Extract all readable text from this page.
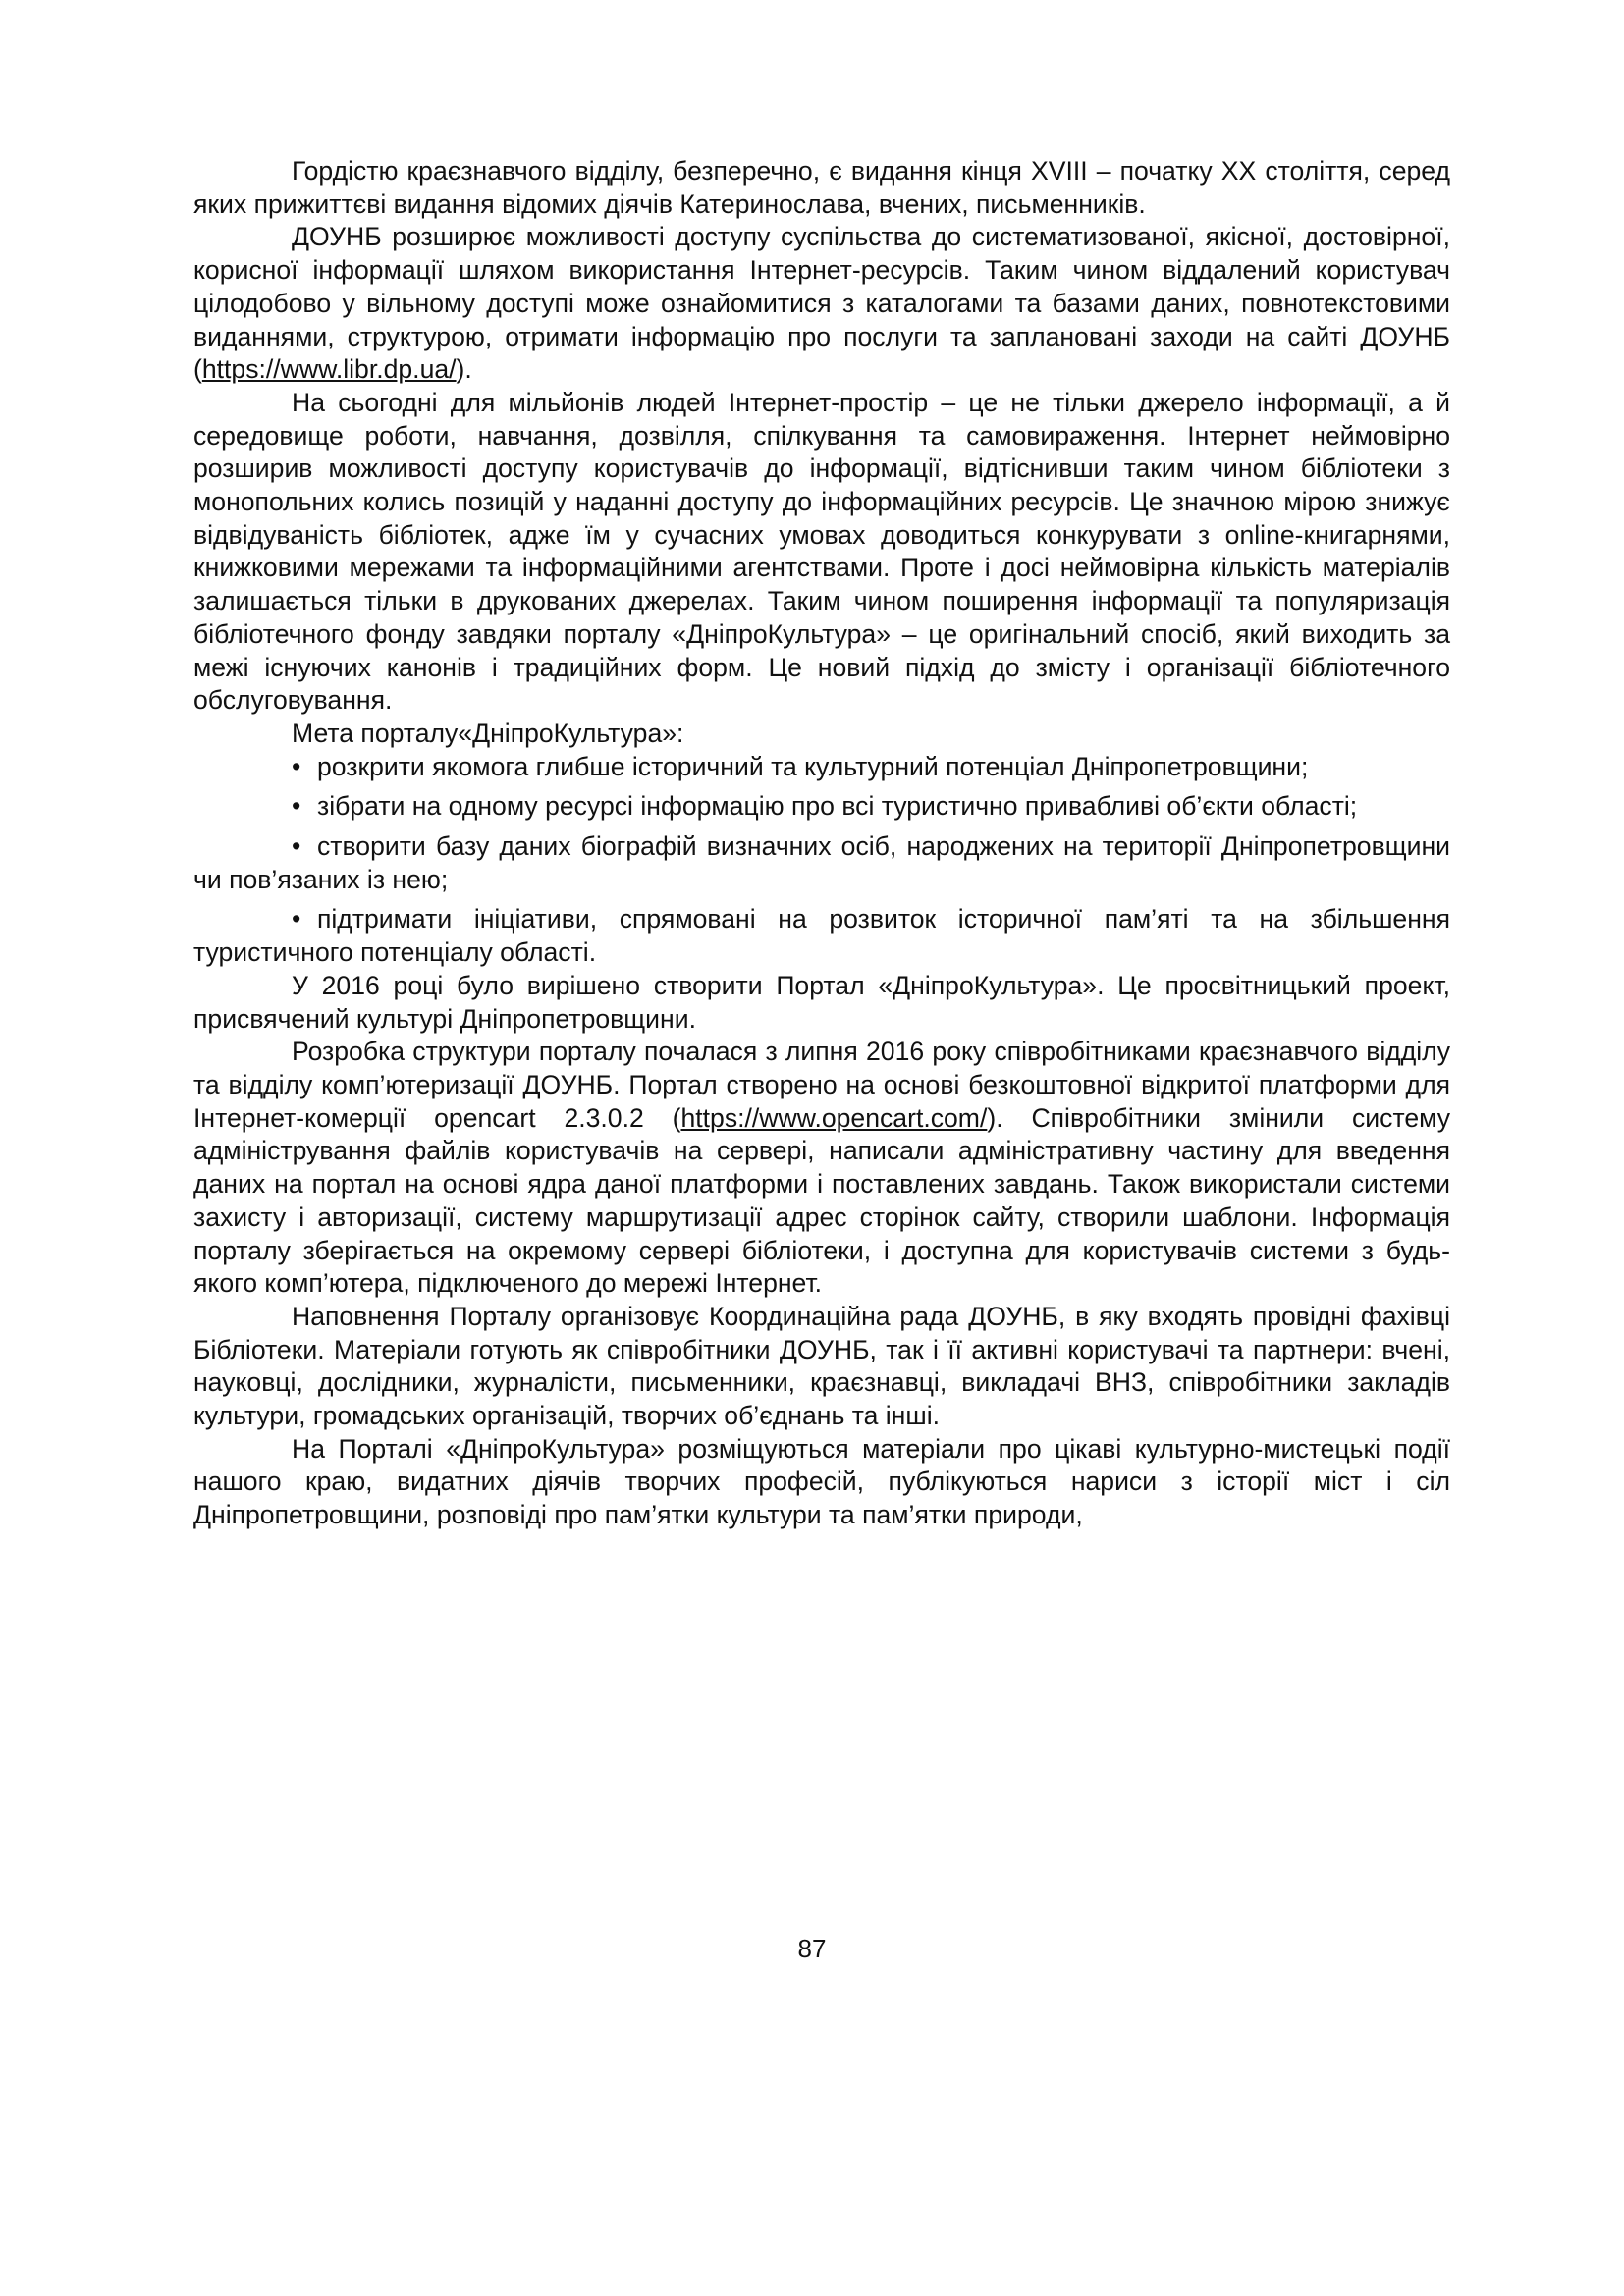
Гордістю краєзнавчого відділу, безперечно, є видання кінця XVIII – початку XX століття, серед яких прижиттєві видання відомих діячів Катеринослава, вчених, письменників.

ДОУНБ розширює можливості доступу суспільства до систематизованої, якісної, достовірної, корисної інформації шляхом використання Інтернет-ресурсів. Таким чином віддалений користувач цілодобово у вільному доступі може ознайомитися з каталогами та базами даних, повнотекстовими виданнями, структурою, отримати інформацію про послуги та заплановані заходи на сайті ДОУНБ (https://www.libr.dp.ua/).

На сьогодні для мільйонів людей Інтернет-простір – це не тільки джерело інформації, а й середовище роботи, навчання, дозвілля, спілкування та самовираження. Інтернет неймовірно розширив можливості доступу користувачів до інформації, відтіснивши таким чином бібліотеки з монопольних колись позицій у наданні доступу до інформаційних ресурсів. Це значною мірою знижує відвідуваність бібліотек, адже їм у сучасних умовах доводиться конкурувати з online-книгарнями, книжковими мережами та інформаційними агентствами. Проте і досі неймовірна кількість матеріалів залишається тільки в друкованих джерелах. Таким чином поширення інформації та популяризація бібліотечного фонду завдяки порталу «ДніпроКультура» – це оригінальний спосіб, який виходить за межі існуючих канонів і традиційних форм. Це новий підхід до змісту і організації бібліотечного обслуговування.

Мета порталу«ДніпроКультура»:

• розкрити якомога глибше історичний та культурний потенціал Дніпропетровщини;
• зібрати на одному ресурсі інформацію про всі туристично привабливі об’єкти області;
• створити базу даних біографій визначних осіб, народжених на території Дніпропетровщини чи пов’язаних із нею;
• підтримати ініціативи, спрямовані на розвиток історичної пам’яті та на збільшення туристичного потенціалу області.

У 2016 році було вирішено створити Портал «ДніпроКультура». Це просвітницький проект, присвячений культурі Дніпропетровщини.

Розробка структури порталу почалася з липня 2016 року співробітниками краєзнавчого відділу та відділу комп’ютеризації ДОУНБ. Портал створено на основі безкоштовної відкритої платформи для Інтернет-комерції opencart 2.3.0.2 (https://www.opencart.com/). Співробітники змінили систему адміністрування файлів користувачів на сервері, написали адміністративну частину для введення даних на портал на основі ядра даної платформи і поставлених завдань. Також використали системи захисту і авторизації, систему маршрутизації адрес сторінок сайту, створили шаблони. Інформація порталу зберігається на окремому сервері бібліотеки, і доступна для користувачів системи з будь-якого комп’ютера, підключеного до мережі Інтернет.

Наповнення Порталу організовує Координаційна рада ДОУНБ, в яку входять провідні фахівці Бібліотеки. Матеріали готують як співробітники ДОУНБ, так і її активні користувачі та партнери: вчені, науковці, дослідники, журналісти, письменники, краєзнавці, викладачі ВНЗ, співробітники закладів культури, громадських організацій, творчих об’єднань та інші.

На Порталі «ДніпроКультура» розміщуються матеріали про цікаві культурно-мистецькі події нашого краю, видатних діячів творчих професій, публікуються нариси з історії міст і сіл Дніпропетровщини, розповіді про пам’ятки культури та пам’ятки природи,

87
